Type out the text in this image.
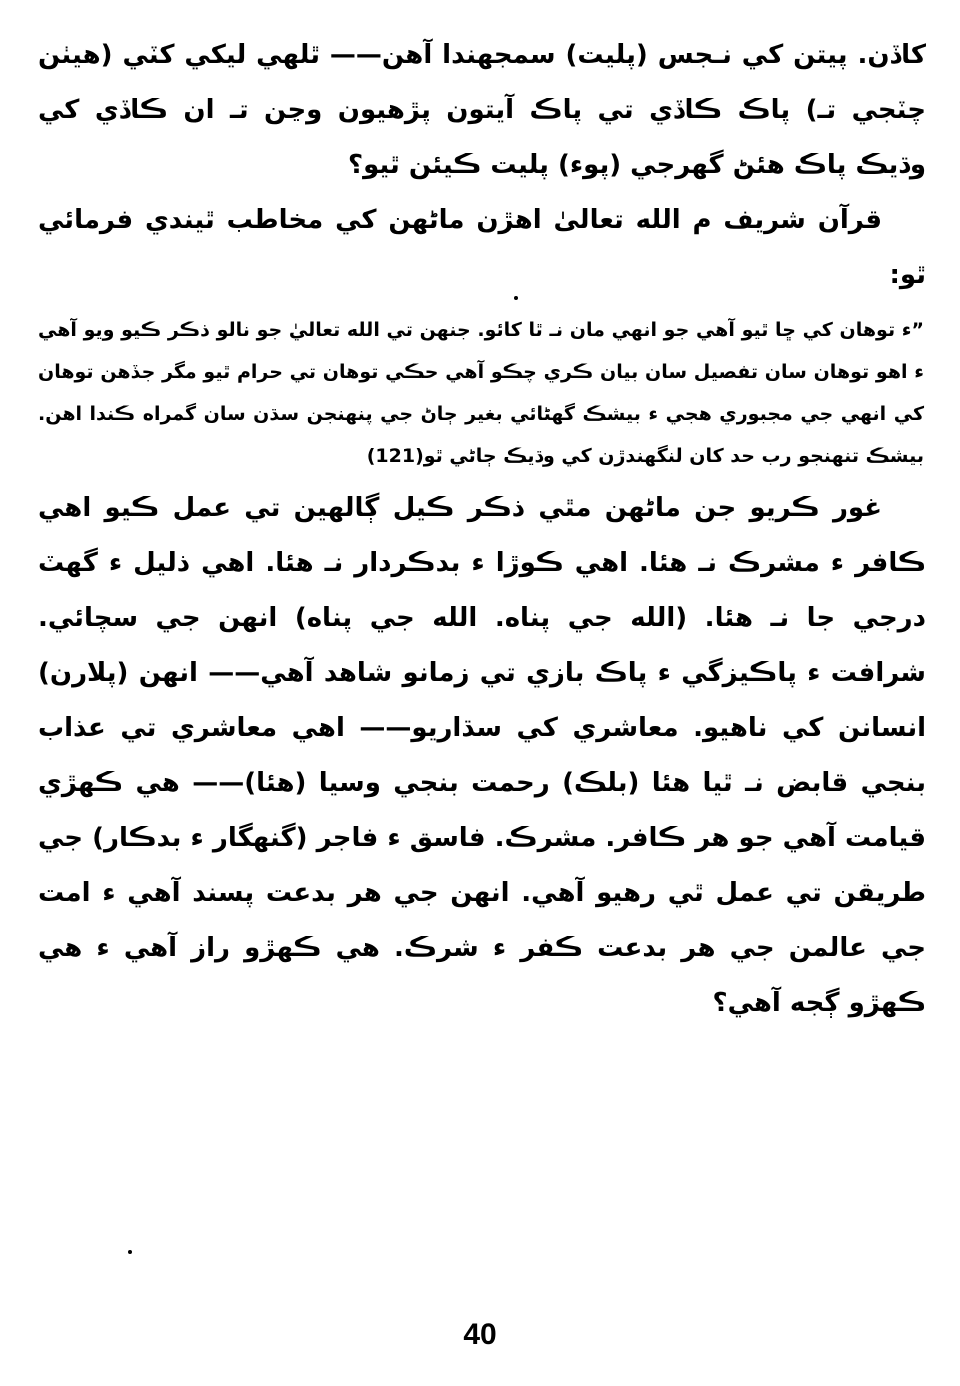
كاڏن. پيتن کي نـجس (پليت) سمجهندا آهن—— ٿلهي ليکي کٽي (هيٺن چٽجي تـ) پاڪ ڪاڏي تي پاڪ آيتون پڙهيون وڃن تـ ان ڪاڏي کي وڌيڪ پاڪ هئڻ گهرجي (پوء) پليت ڪيئن ٿيو؟

قرآن شريف م الله تعالیٰ اهڙن ماڻهن کي مخاطب ٿيندي فرمائي ٿو:

”ء توهان کي ڇا ٿيو آهي جو انهي مان نـ ٿا کائو. جنهن تي الله تعاليٰ جو نالو ذڪر ڪيو ويو آهي ء اهو توهان سان تفصيل سان بيان ڪري چڪو آهي حڪي توهان تي حرام ٿيو مگر جڏهن توهان کي انهي جي مجبوري هجي ء بيشڪ گهڻائي بغير ڄاڻ جي پنهنجن سڌن سان گمراه ڪندا اهن. بيشڪ تنهنجو رب حد کان لنگهندڙن کي وڌيڪ ڄاڻي ٿو(121)

غور ڪريو جن ماڻهن مٿي ذڪر ڪيل ڳالهين تي عمل ڪيو اهي ڪافر ء مشرڪ نـ هئا. اهي ڪوڙا ء بدڪردار نـ هئا. اهي ذليل ء گهٽ درجي جا نـ هئا. (الله جي پناه. الله جي پناه) انهن جي سچائي. شرافت ء پاڪيزگي ء پاڪ بازي تي زمانو شاهد آهي—— انهن (پلارن) انسانن کي ناهيو. معاشري کي سڌاريو—— اهي معاشري تي عذاب بنجي قابض نـ ٿيا هئا (بلڪ) رحمت بنجي وسيا (هئا)—— هي ڪهڙي قيامت آهي جو هر ڪافر. مشرڪ. فاسق ء فاجر (گنهگار ء بدڪار) جي طريقن تي عمل ٿي رهيو آهي. انهن جي هر بدعت پسند آهي ء امت جي عالمن جي هر بدعت ڪفر ء شرڪ. هي ڪهڙو راز آهي ء هي ڪهڙو ڳجه آهي؟

40
